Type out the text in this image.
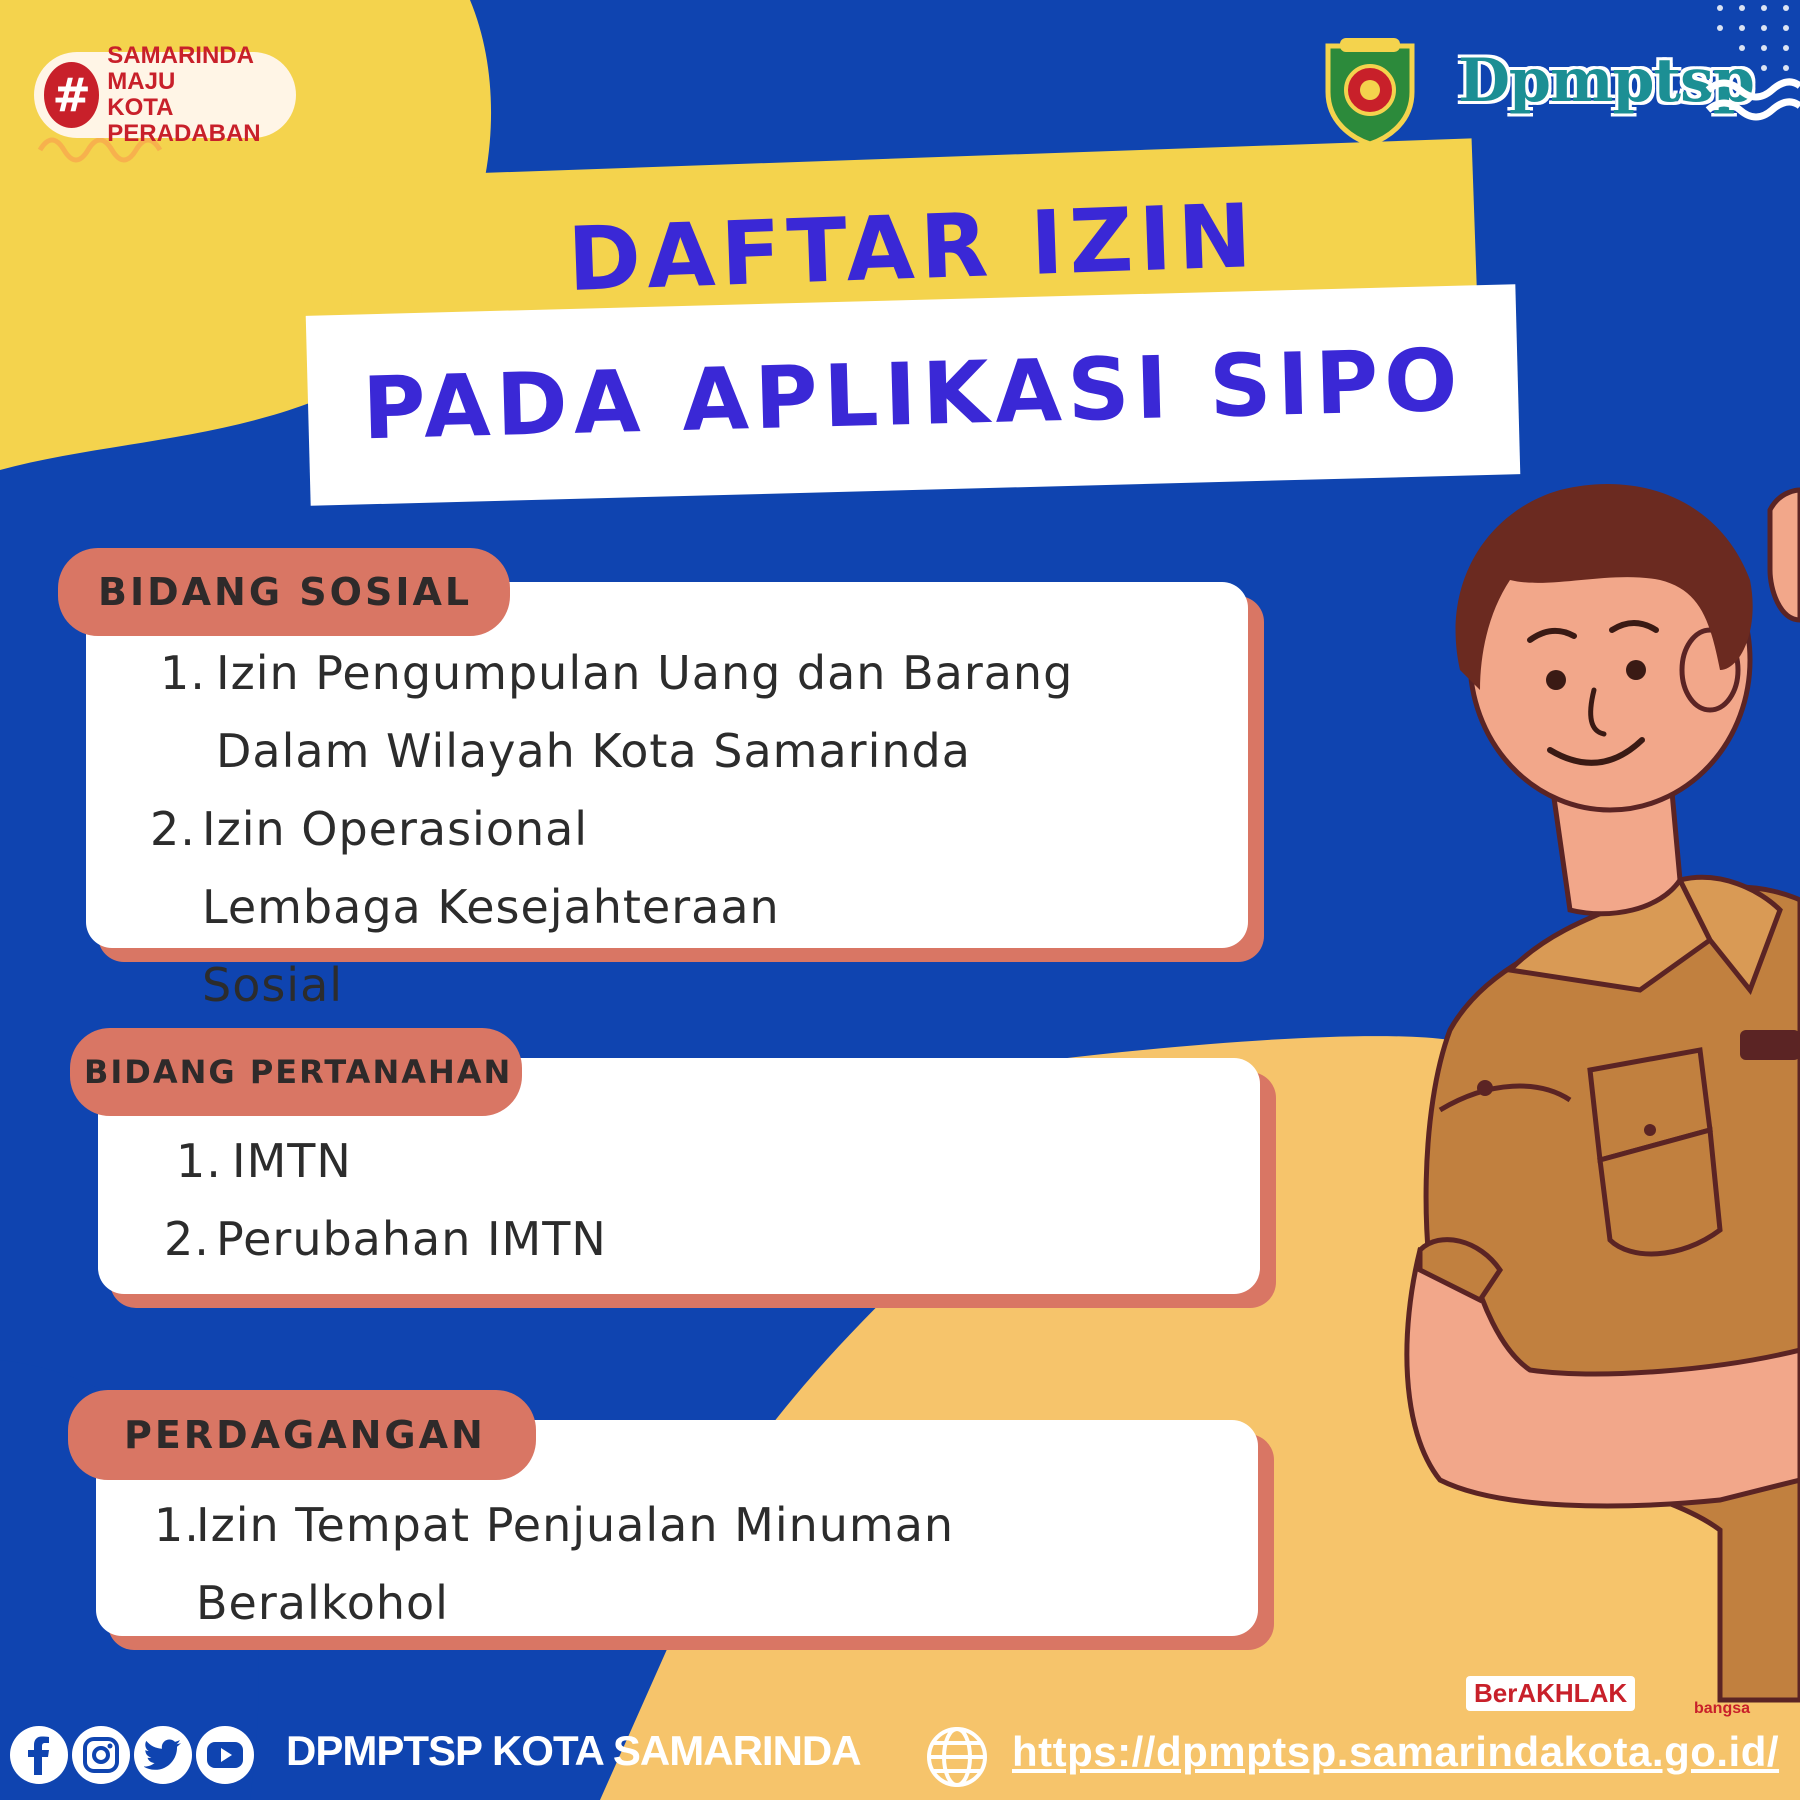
#
SAMARINDA MAJU
KOTA PERADABAN
Dpmptsp
DAFTAR IZIN
PADA APLIKASI SIPO
BIDANG SOSIAL
1. Izin Pengumpulan Uang dan Barang Dalam Wilayah Kota Samarinda
2. Izin Operasional Lembaga Kesejahteraan Sosial
BIDANG PERTANAHAN
1. IMTN
2. Perubahan IMTN
PERDAGANGAN
1.
Izin Tempat Penjualan Minuman Beralkohol
BerAKHLAK
bangsa
DPMPTSP KOTA SAMARINDA	https://dpmptsp.samarindakota.go.id/
